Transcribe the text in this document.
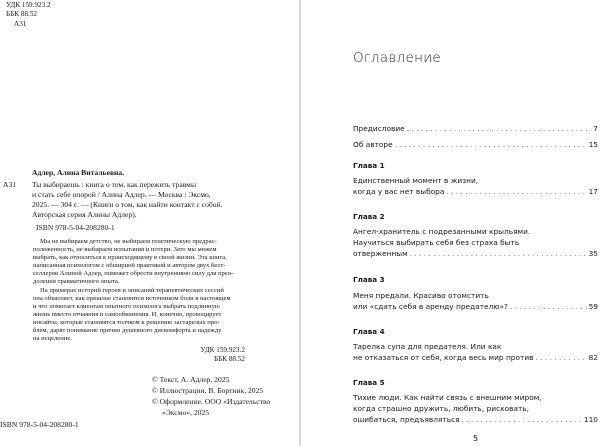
УДК 159.923.2
ББК 88.52
А31
Адлер, Алина Витальевна.
А31 Ты выбираешь : книга о том, как пережить травмы
и стать себе опорой / Алина Адлер. — Москва : Эксмо,
2025. — 304 с. — (Книги о том, как найти контакт с собой.
Авторская серия Алины Адлер).
ISBN 978-5-04-208280-1
Мы не выбираем детство, не выбираем генетическую предрас-
положенность, не выбираем испытания и потери. Зато мы можем
выбрать, как относиться к происходящему в своей жизни. Эта книга,
написанная психологом с обширной практикой и автором двух бест-
селлеров Алиной Адлер, поможет обрести внутреннюю силу для прео-
доления травматичного опыта.
На примерах историй героев и описаний терапевтических сессий
она объясняет, как прошлое становится источником боли в настоящем
и что помогает клиентам опытного психолога выбрать подлинную
жизнь вместо отчаяния и самообвинения. И, конечно, провоцирует
инсайты, которые становятся толчком к решению застарелых про-
блем, дарят понимание причин душевного дискомфорта и надежду
на исцеление.
УДК 159.923.2
ББК 88.52
© Текст, А. Адлер, 2025
© Иллюстрации, В. Бортник, 2025
© Оформление. ООО «Издательство
«Эксмо», 2025
ISBN 978-5-04-208280-1
Оглавление
Предисловие . . .	7
Об авторе . . .	15
Глава 1
Единственный момент в жизни,
когда у вас нет выбора . . .	17
Глава 2
Ангел-хранитель с подрезанными крыльями.
Научиться выбирать себя без страха быть
отверженным . . .	35
Глава 3
Меня предали. Красиво отомстить
или «сдать себя в аренду предателю»? . . .	59
Глава 4
Тарелка супа для предателя. Или как
не отказаться от себя, когда весь мир против . . .	82
Глава 5
Тихие люди. Как найти связь с внешним миром,
когда страшно дружить, любить, рисковать,
ошибаться, предъявляться . . .	110
5
